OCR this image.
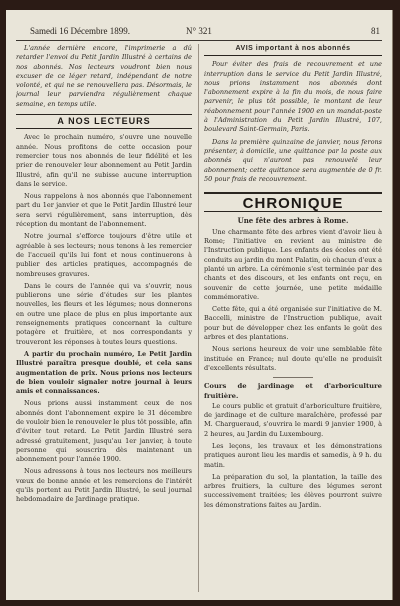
Samedi 16 Décembre 1899.	N° 321	81

L'année dernière encore, l'imprimerie a dû retarder l'envoi du Petit Jardin Illustré à certains de nos abonnés. Nos lecteurs voudront bien nous excuser de ce léger retard, indépendant de notre volonté, et qui ne se renouvellera pas. Désormais, le journal leur parviendra régulièrement chaque semaine, en temps utile.

A NOS LECTEURS

Avec le prochain numéro, s'ouvre une nouvelle année. Nous profitons de cette occasion pour remercier tous nos abonnés de leur fidélité et les prier de renouveler leur abonnement au Petit Jardin Illustré, afin qu'il ne subisse aucune interruption dans le service.

Nous rappelons à nos abonnés que l'abonnement part du 1er janvier et que le Petit Jardin Illustré leur sera servi régulièrement, sans interruption, dès réception du montant de l'abonnement.

Notre journal s'efforce toujours d'être utile et agréable à ses lecteurs; nous tenons à les remercier de l'accueil qu'ils lui font et nous continuerons à publier des articles pratiques, accompagnés de nombreuses gravures.

Dans le cours de l'année qui va s'ouvrir, nous publierons une série d'études sur les plantes nouvelles, les fleurs et les légumes; nous donnerons en outre une place de plus en plus importante aux renseignements pratiques concernant la culture potagère et fruitière, et nos correspondants y trouveront les réponses à toutes leurs questions.

A partir du prochain numéro, Le Petit Jardin Illustré paraîtra presque doublé, et cela sans augmentation de prix. Nous prions nos lecteurs de bien vouloir signaler notre journal à leurs amis et connaissances.

Nous prions aussi instamment ceux de nos abonnés dont l'abonnement expire le 31 décembre de vouloir bien le renouveler le plus tôt possible, afin d'éviter tout retard. Le Petit Jardin Illustré sera adressé gratuitement, jusqu'au 1er janvier, à toute personne qui souscrira dès maintenant un abonnement pour l'année 1900.

Nous adressons à tous nos lecteurs nos meilleurs vœux de bonne année et les remercions de l'intérêt qu'ils portent au Petit Jardin Illustré, le seul journal hebdomadaire de Jardinage pratique.

AVIS important à nos abonnés

Pour éviter des frais de recouvrement et une interruption dans le service du Petit Jardin Illustré, nous prions instamment nos abonnés dont l'abonnement expire à la fin du mois, de nous faire parvenir, le plus tôt possible, le montant de leur réabonnement pour l'année 1900 en un mandat-poste à l'Administration du Petit Jardin Illustré, 107, boulevard Saint-Germain, Paris.

Dans la première quinzaine de janvier, nous ferons présenter, à domicile, une quittance par la poste aux abonnés qui n'auront pas renouvelé leur abonnement; cette quittance sera augmentée de 0 fr. 50 pour frais de recouvrement.

CHRONIQUE
Une fête des arbres à Rome.

Une charmante fête des arbres vient d'avoir lieu à Rome; l'initiative en revient au ministre de l'Instruction publique. Les enfants des écoles ont été conduits au jardin du mont Palatin, où chacun d'eux a planté un arbre. La cérémonie s'est terminée par des chants et des discours, et les enfants ont reçu, en souvenir de cette journée, une petite médaille commémorative.

Cette fête, qui a été organisée sur l'initiative de M. Baccelli, ministre de l'Instruction publique, avait pour but de développer chez les enfants le goût des arbres et des plantations.

Nous serions heureux de voir une semblable fête instituée en France; nul doute qu'elle ne produisît d'excellents résultats.

Cours de jardinage et d'arboriculture fruitière.

Le cours public et gratuit d'arboriculture fruitière, de jardinage et de culture maraîchère, professé par M. Chargueraud, s'ouvrira le mardi 9 janvier 1900, à 2 heures, au Jardin du Luxembourg.

Les leçons, les travaux et les démonstrations pratiques auront lieu les mardis et samedis, à 9 h. du matin.

La préparation du sol, la plantation, la taille des arbres fruitiers, la culture des légumes seront successivement traitées; les élèves pourront suivre les démonstrations faites au Jardin.
